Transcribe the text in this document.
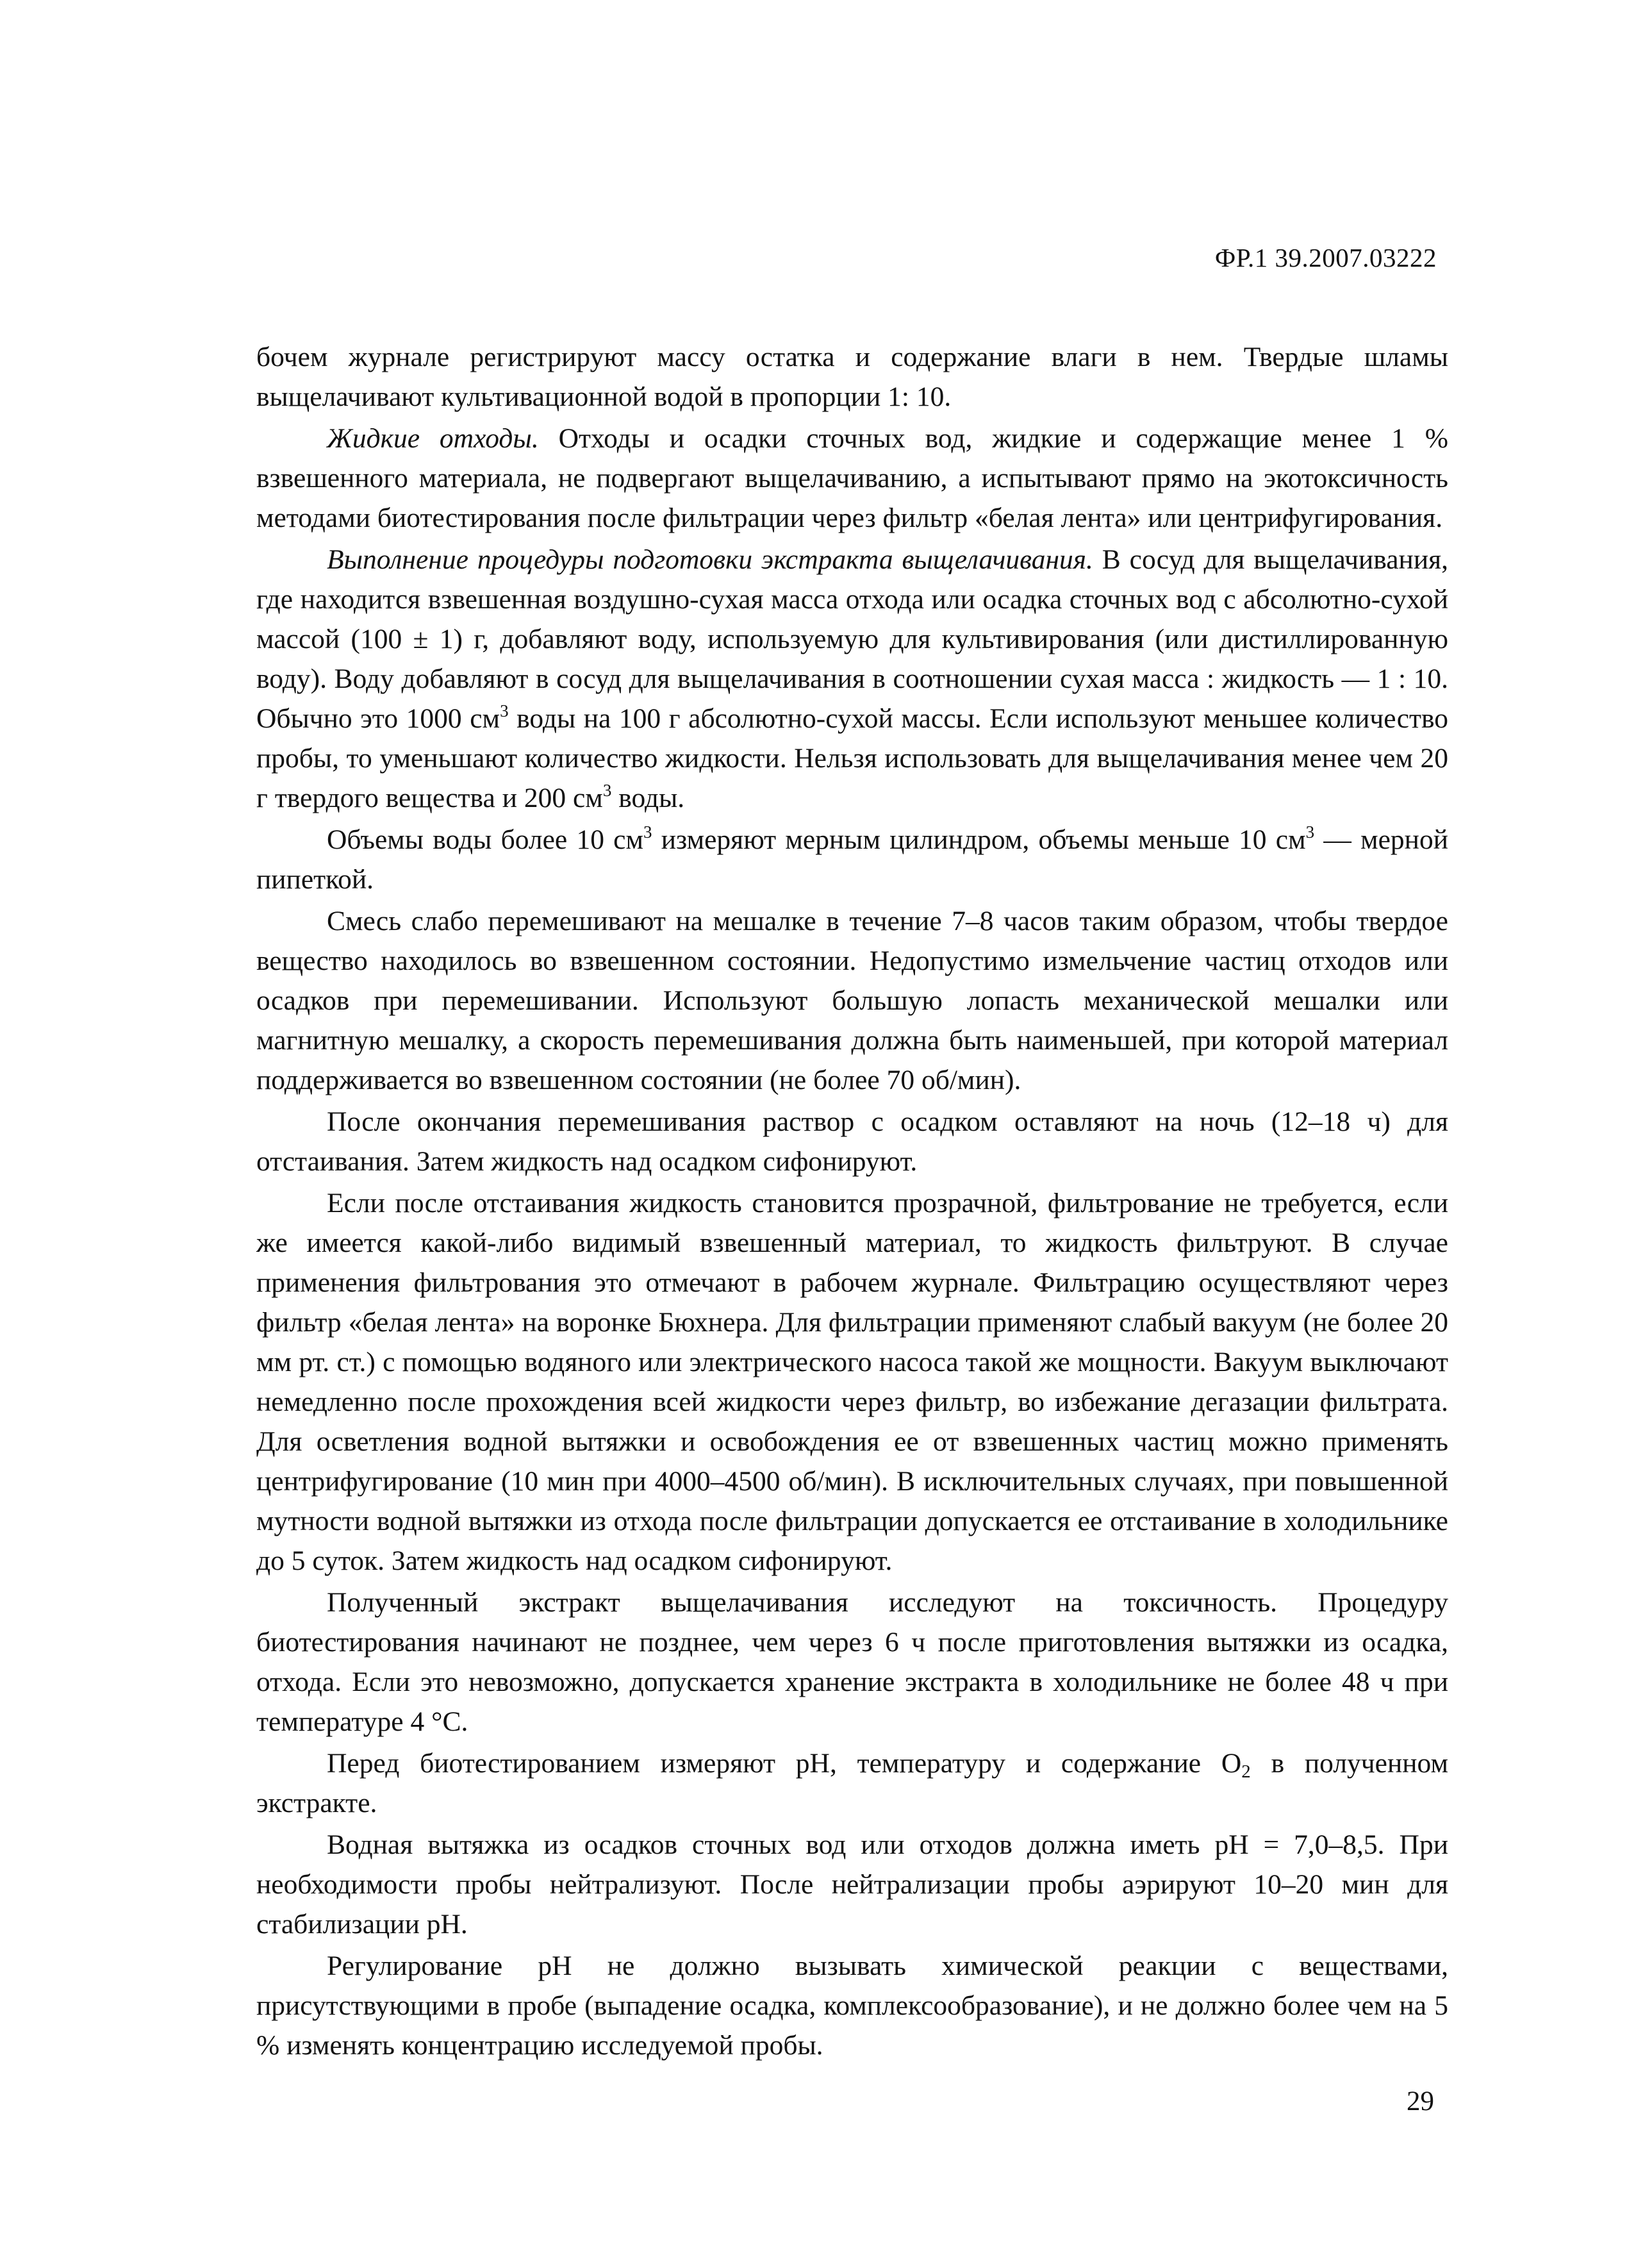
ФР.1 39.2007.03222

бочем журнале регистрируют массу остатка и содержание влаги в нем. Твердые шламы выщелачивают культивационной водой в пропорции 1: 10.

Жидкие отходы. Отходы и осадки сточных вод, жидкие и содержащие менее 1 % взвешенного материала, не подвергают выщелачиванию, а испытывают прямо на экотоксичность методами биотестирования после фильтрации через фильтр «белая лента» или центрифугирования.

Выполнение процедуры подготовки экстракта выщелачивания. В сосуд для выщелачивания, где находится взвешенная воздушно-сухая масса отхода или осадка сточных вод с абсолютно-сухой массой (100 ± 1) г, добавляют воду, используемую для культивирования (или дистиллированную воду). Воду добавляют в сосуд для выщелачивания в соотношении сухая масса : жидкость — 1 : 10. Обычно это 1000 $см^3$ воды на 100 г абсолютно-сухой массы. Если используют меньшее количество пробы, то уменьшают количество жидкости. Нельзя использовать для выщелачивания менее чем 20 г твердого вещества и 200 $см^3$ воды.

Объемы воды более 10 $см^3$ измеряют мерным цилиндром, объемы меньше 10 $см^3$ — мерной пипеткой.

Смесь слабо перемешивают на мешалке в течение 7–8 часов таким образом, чтобы твердое вещество находилось во взвешенном состоянии. Недопустимо измельчение частиц отходов или осадков при перемешивании. Используют большую лопасть механической мешалки или магнитную мешалку, а скорость перемешивания должна быть наименьшей, при которой материал поддерживается во взвешенном состоянии (не более 70 об/мин).

После окончания перемешивания раствор с осадком оставляют на ночь (12–18 ч) для отстаивания. Затем жидкость над осадком сифонируют.

Если после отстаивания жидкость становится прозрачной, фильтрование не требуется, если же имеется какой-либо видимый взвешенный материал, то жидкость фильтруют. В случае применения фильтрования это отмечают в рабочем журнале. Фильтрацию осуществляют через фильтр «белая лента» на воронке Бюхнера. Для фильтрации применяют слабый вакуум (не более 20 мм рт. ст.) с помощью водяного или электрического насоса такой же мощности. Вакуум выключают немедленно после прохождения всей жидкости через фильтр, во избежание дегазации фильтрата. Для осветления водной вытяжки и освобождения ее от взвешенных частиц можно применять центрифугирование (10 мин при 4000–4500 об/мин). В исключительных случаях, при повышенной мутности водной вытяжки из отхода после фильтрации допускается ее отстаивание в холодильнике до 5 суток. Затем жидкость над осадком сифонируют.

Полученный экстракт выщелачивания исследуют на токсичность. Процедуру биотестирования начинают не позднее, чем через 6 ч после приготовления вытяжки из осадка, отхода. Если это невозможно, допускается хранение экстракта в холодильнике не более 48 ч при температуре 4 °С.

Перед биотестированием измеряют рН, температуру и содержание $О_2$ в полученном экстракте.

Водная вытяжка из осадков сточных вод или отходов должна иметь рН = 7,0–8,5. При необходимости пробы нейтрализуют. После нейтрализации пробы аэрируют 10–20 мин для стабилизации рН.

Регулирование рН не должно вызывать химической реакции с веществами, присутствующими в пробе (выпадение осадка, комплексообразование), и не должно более чем на 5 % изменять концентрацию исследуемой пробы.

29
